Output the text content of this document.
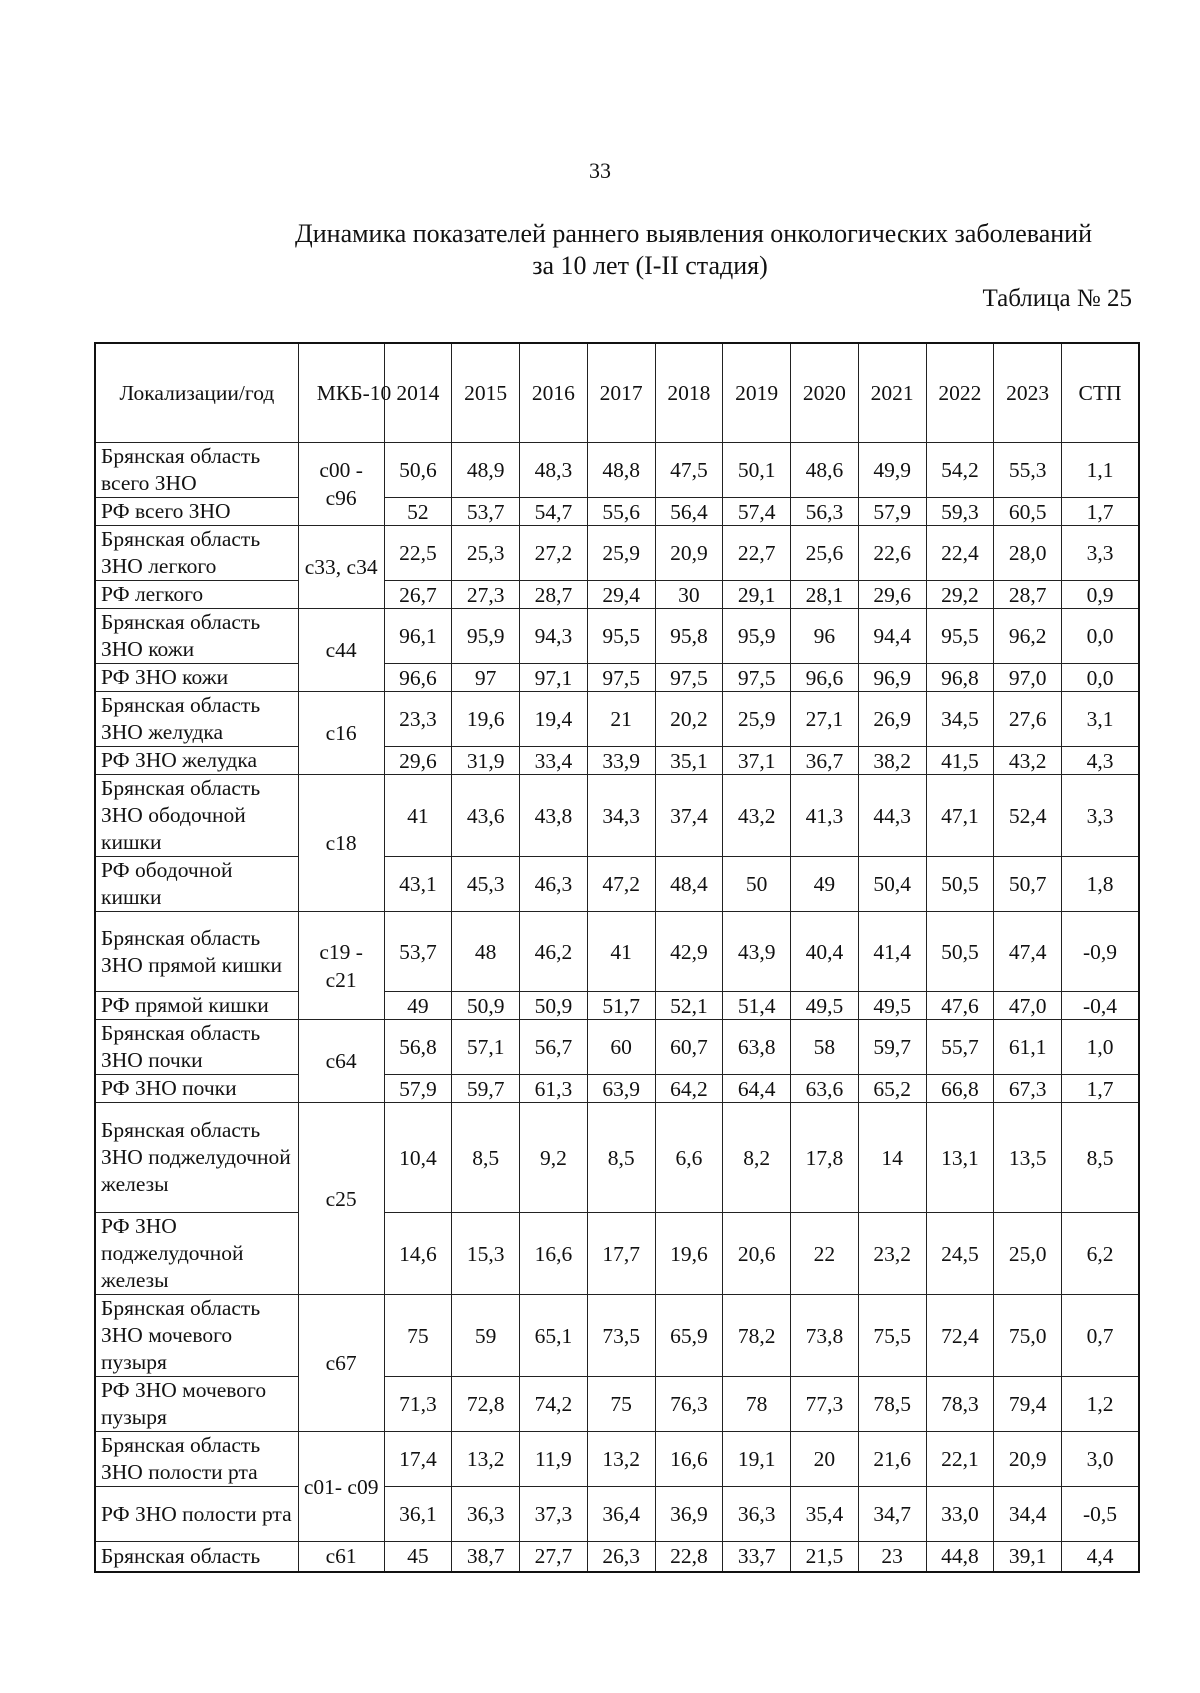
33
Динамика показателей раннего выявления онкологических заболеваний
за 10 лет (I-II стадия)
Таблица № 25
Локализации/год	МКБ-10	2014	2015	2016	2017	2018	2019	2020	2021	2022	2023	СТП
Брянская область всего ЗНО	с00 - с96	50,6	48,9	48,3	48,8	47,5	50,1	48,6	49,9	54,2	55,3	1,1
РФ всего ЗНО		52	53,7	54,7	55,6	56,4	57,4	56,3	57,9	59,3	60,5	1,7
Брянская область ЗНО легкого	с33, с34	22,5	25,3	27,2	25,9	20,9	22,7	25,6	22,6	22,4	28,0	3,3
РФ легкого		26,7	27,3	28,7	29,4	30	29,1	28,1	29,6	29,2	28,7	0,9
Брянская область ЗНО кожи	с44	96,1	95,9	94,3	95,5	95,8	95,9	96	94,4	95,5	96,2	0,0
РФ ЗНО кожи		96,6	97	97,1	97,5	97,5	97,5	96,6	96,9	96,8	97,0	0,0
Брянская область ЗНО желудка	с16	23,3	19,6	19,4	21	20,2	25,9	27,1	26,9	34,5	27,6	3,1
РФ ЗНО желудка		29,6	31,9	33,4	33,9	35,1	37,1	36,7	38,2	41,5	43,2	4,3
Брянская область ЗНО ободочной кишки	с18	41	43,6	43,8	34,3	37,4	43,2	41,3	44,3	47,1	52,4	3,3
РФ ободочной кишки		43,1	45,3	46,3	47,2	48,4	50	49	50,4	50,5	50,7	1,8
Брянская область ЗНО прямой кишки	с19 - с21	53,7	48	46,2	41	42,9	43,9	40,4	41,4	50,5	47,4	-0,9
РФ прямой кишки		49	50,9	50,9	51,7	52,1	51,4	49,5	49,5	47,6	47,0	-0,4
Брянская область ЗНО почки	с64	56,8	57,1	56,7	60	60,7	63,8	58	59,7	55,7	61,1	1,0
РФ ЗНО почки		57,9	59,7	61,3	63,9	64,2	64,4	63,6	65,2	66,8	67,3	1,7
Брянская область ЗНО поджелудочной железы	с25	10,4	8,5	9,2	8,5	6,6	8,2	17,8	14	13,1	13,5	8,5
РФ ЗНО поджелудочной железы		14,6	15,3	16,6	17,7	19,6	20,6	22	23,2	24,5	25,0	6,2
Брянская область ЗНО мочевого пузыря	с67	75	59	65,1	73,5	65,9	78,2	73,8	75,5	72,4	75,0	0,7
РФ ЗНО мочевого пузыря		71,3	72,8	74,2	75	76,3	78	77,3	78,5	78,3	79,4	1,2
Брянская область ЗНО полости рта	с01- с09	17,4	13,2	11,9	13,2	16,6	19,1	20	21,6	22,1	20,9	3,0
РФ ЗНО полости рта		36,1	36,3	37,3	36,4	36,9	36,3	35,4	34,7	33,0	34,4	-0,5
Брянская область	с61	45	38,7	27,7	26,3	22,8	33,7	21,5	23	44,8	39,1	4,4
